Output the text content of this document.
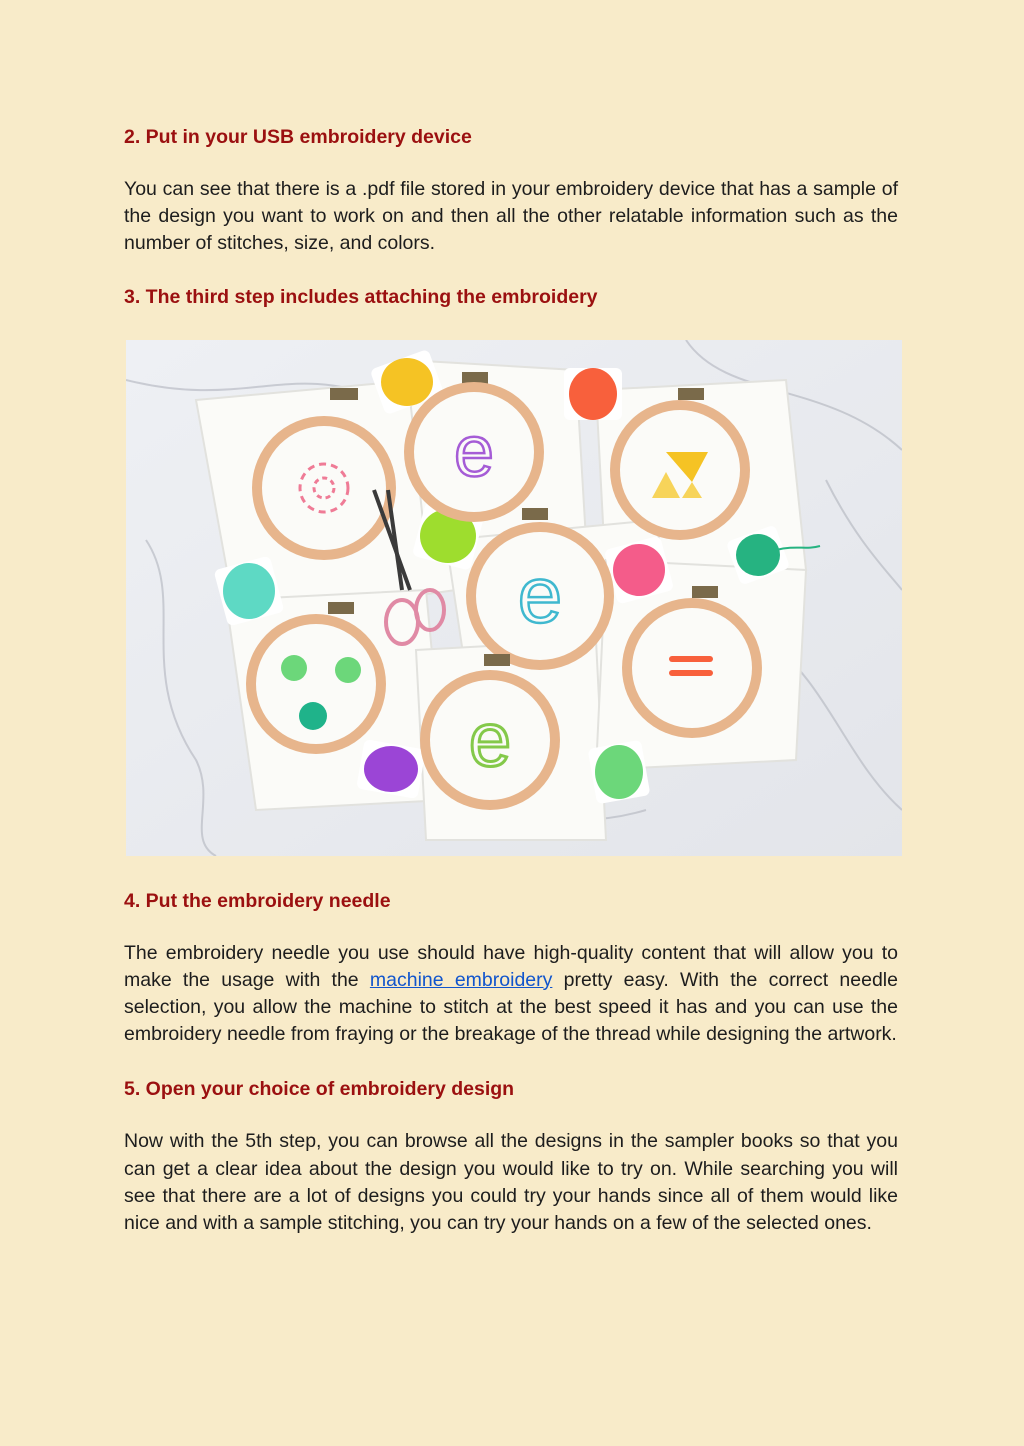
2. Put in your USB embroidery device

You can see that there is a .pdf file stored in your embroidery device that has a sample of the design you want to work on and then all the other relatable information such as the number of stitches, size, and colors.

3. The third step includes attaching the embroidery
e
e
e
4. Put the embroidery needle

The embroidery needle you use should have high-quality content that will allow you to make the usage with the machine embroidery pretty easy. With the correct needle selection, you allow the machine to stitch at the best speed it has and you can use the embroidery needle from fraying or the breakage of the thread while designing the artwork.

5. Open your choice of embroidery design

Now with the 5th step, you can browse all the designs in the sampler books so that you can get a clear idea about the design you would like to try on. While searching you will see that there are a lot of designs you could try your hands since all of them would like nice and with a sample stitching, you can try your hands on a few of the selected ones.
